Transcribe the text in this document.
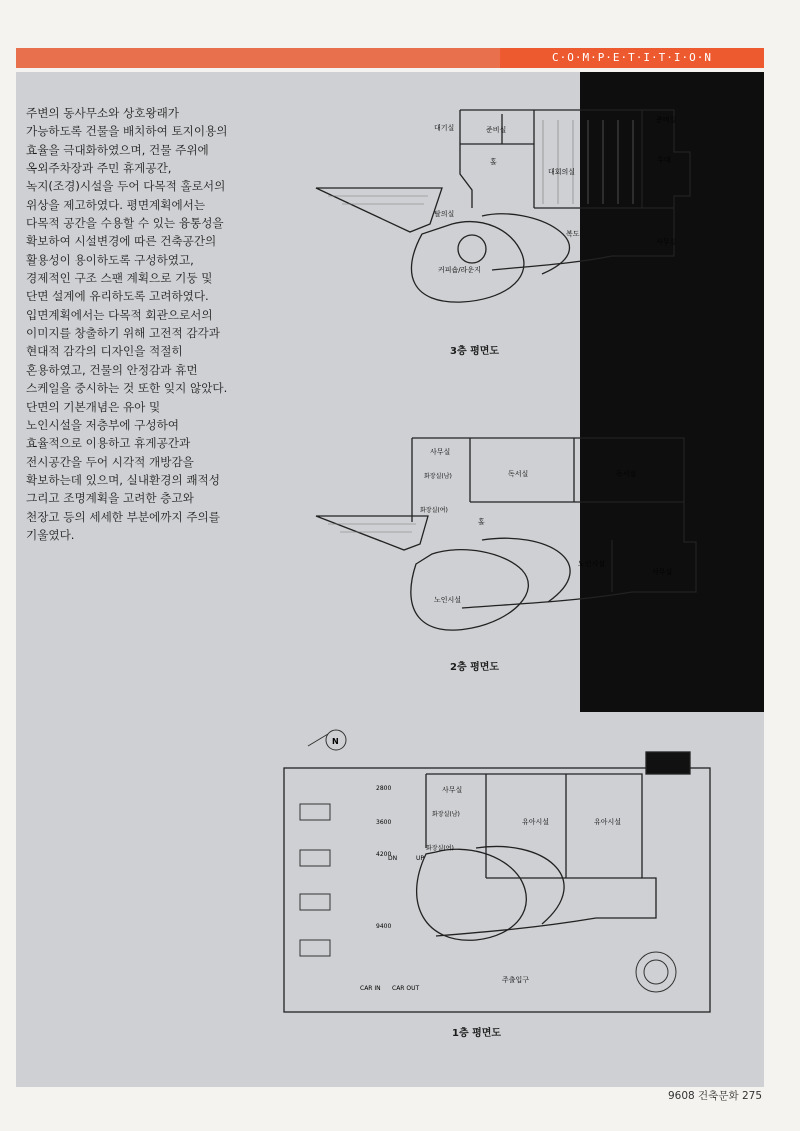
C·O·M·P·E·T·I·T·I·O·N

주변의 동사무소와 상호왕래가

가능하도록 건물을 배치하여 토지이용의

효율을 극대화하였으며, 건물 주위에

옥외주차장과 주민 휴게공간,

녹지(조경)시설을 두어 다목적 홀로서의

위상을 제고하였다. 평면계획에서는

다목적 공간을 수용할 수 있는 융통성을

확보하여 시설변경에 따른 건축공간의

활용성이 용이하도록 구성하였고,

경제적인 구조 스팬 계획으로 기둥 및

단면 설계에 유리하도록 고려하였다.

입면계획에서는 다목적 회관으로서의

이미지를 창출하기 위해 고전적 감각과

현대적 감각의 디자인을 적절히

혼용하였고, 건물의 안정감과 휴먼

스케일을 중시하는 것 또한 잊지 않았다.

단면의 기본개념은 유아 및

노인시설을 저층부에 구성하여

효율적으로 이용하고 휴게공간과

전시공간을 두어 시각적 개방감을

확보하는데 있으며, 실내환경의 쾌적성

그리고 조명계획을 고려한 층고와

천장고 등의 세세한 부분에까지 주의를

기울였다.

대기실	준비실
준비실
홀
대회의실
무대
탈의실
복도
사무실
커피숍/라운지
3층 평면도
사무실
독서실	독서실
홀
노인시설
사무실
노인시설
화장실(남)
화장실(여)
2층 평면도
사무실
유아시설	유아시설
화장실(남)
화장실(여)
주출입구
CAR IN CAR OUT
DN	UP
9400
4200
3600
2800
N
1층 평면도
9608 건축문화 275
